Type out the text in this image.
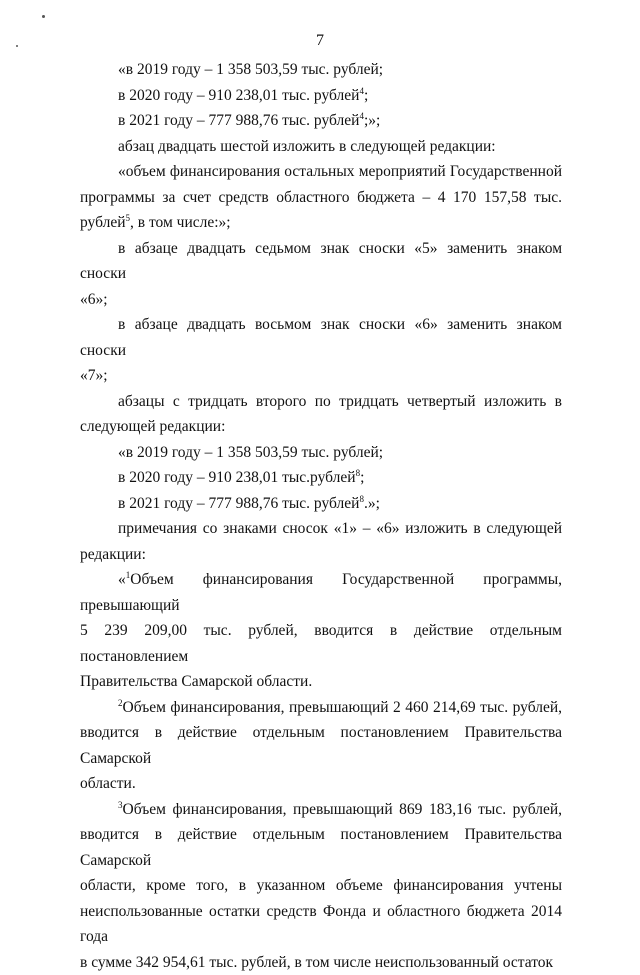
7
«в 2019 году – 1 358 503,59 тыс. рублей;
в 2020 году – 910 238,01 тыс. рублей$^4$;
в 2021 году – 777 988,76 тыс. рублей$^4$;»;
абзац двадцать шестой изложить в следующей редакции:
«объем финансирования остальных мероприятий Государственной
программы за счет средств областного бюджета – 4 170 157,58 тыс.
рублей$^5$, в том числе:»;
в абзаце двадцать седьмом знак сноски «5» заменить знаком сноски
«6»;
в абзаце двадцать восьмом знак сноски «6» заменить знаком сноски
«7»;
абзацы с тридцать второго по тридцать четвертый изложить в
следующей редакции:
«в 2019 году – 1 358 503,59 тыс. рублей;
в 2020 году – 910 238,01 тыс.рублей$^8$;
в 2021 году – 777 988,76 тыс. рублей$^8$.»;
примечания со знаками сносок «1» – «6» изложить в следующей
редакции:
«$^1$Объем финансирования Государственной программы, превышающий
5 239 209,00 тыс. рублей, вводится в действие отдельным постановлением
Правительства Самарской области.
$^2$Объем финансирования, превышающий 2 460 214,69 тыс. рублей,
вводится в действие отдельным постановлением Правительства Самарской
области.
$^3$Объем финансирования, превышающий 869 183,16 тыс. рублей,
вводится в действие отдельным постановлением Правительства Самарской
области, кроме того, в указанном объеме финансирования учтены
неиспользованные остатки средств Фонда и областного бюджета 2014 года
в сумме 342 954,61 тыс. рублей, в том числе неиспользованный остаток
